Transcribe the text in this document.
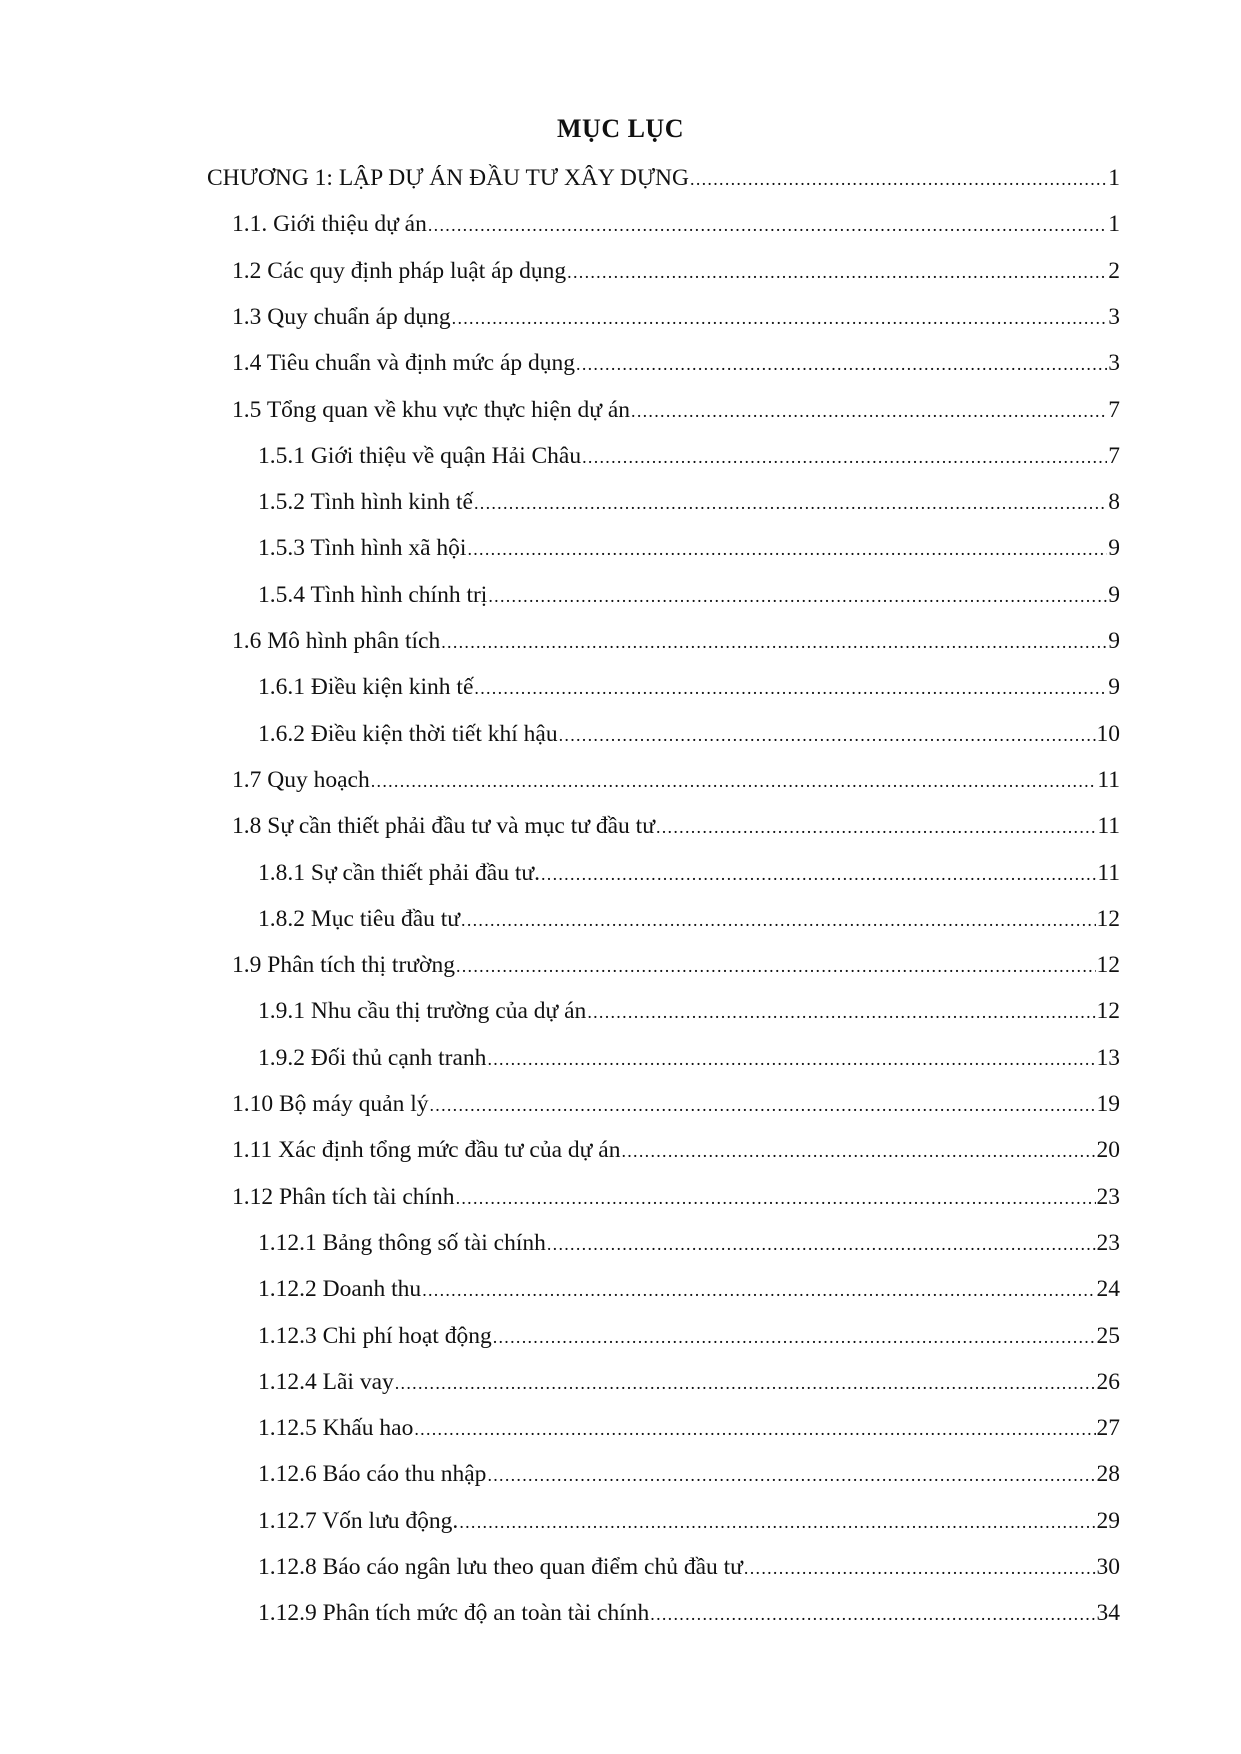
MỤC LỤC
CHƯƠNG 1: LẬP DỰ ÁN ĐẦU TƯ XÂY DỰNG .....	1
1.1. Giới thiệu dự án .....	1
1.2 Các quy định pháp luật áp dụng .....	2
1.3 Quy chuẩn áp dụng .....	3
1.4 Tiêu chuẩn và định mức áp dụng .....	3
1.5 Tổng quan về khu vực thực hiện dự án .....	7
1.5.1 Giới thiệu về quận Hải Châu .....	7
1.5.2 Tình hình kinh tế .....	8
1.5.3 Tình hình xã hội .....	9
1.5.4 Tình hình chính trị .....	9
1.6 Mô hình phân tích .....	9
1.6.1 Điều kiện kinh tế .....	9
1.6.2 Điều kiện thời tiết khí hậu .....	10
1.7 Quy hoạch .....	11
1.8 Sự cần thiết phải đầu tư và mục tư đầu tư .....	11
1.8.1 Sự cần thiết phải đầu tư. .....	11
1.8.2 Mục tiêu đầu tư .....	12
1.9 Phân tích thị trường .....	12
1.9.1 Nhu cầu thị trường của dự án .....	12
1.9.2 Đối thủ cạnh tranh .....	13
1.10 Bộ máy quản lý .....	19
1.11 Xác định tổng mức đầu tư của dự án .....	20
1.12 Phân tích tài chính .....	23
1.12.1 Bảng thông số tài chính .....	23
1.12.2 Doanh thu .....	24
1.12.3 Chi phí hoạt động .....	25
1.12.4 Lãi vay .....	26
1.12.5 Khấu hao .....	27
1.12.6 Báo cáo thu nhập .....	28
1.12.7 Vốn lưu động. .....	29
1.12.8 Báo cáo ngân lưu theo quan điểm chủ đầu tư .....	30
1.12.9 Phân tích mức độ an toàn tài chính .....	34
